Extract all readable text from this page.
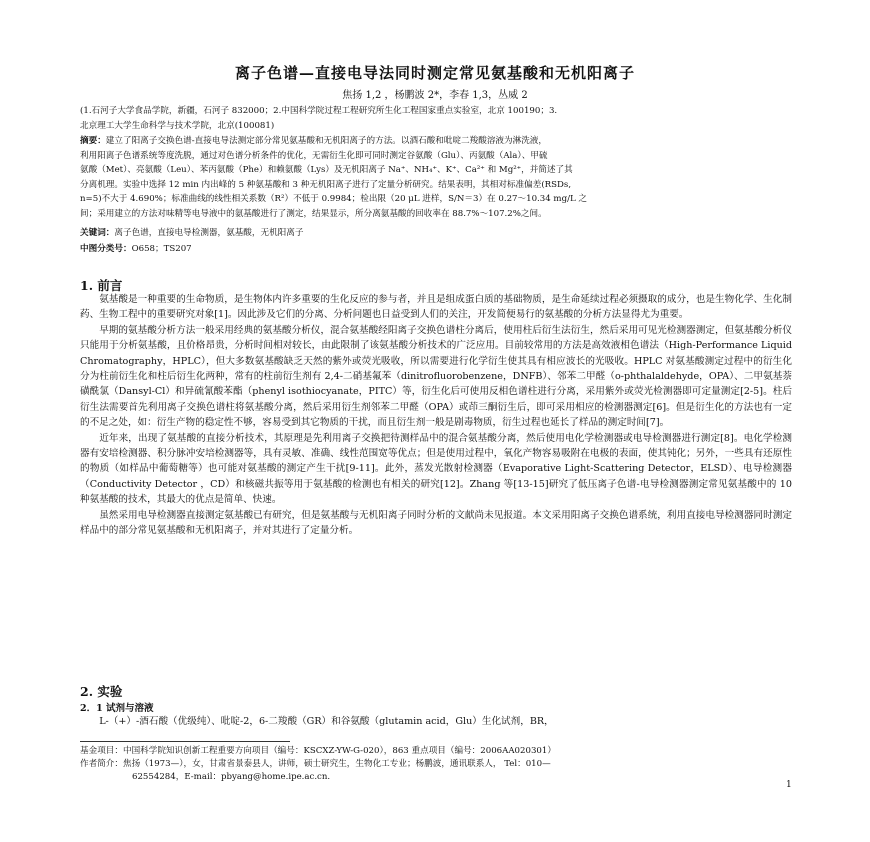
离子色谱—直接电导法同时测定常见氨基酸和无机阳离子
焦扬 1,2 ，杨鹏波 2*，李春 1,3，丛威 2
(1.石河子大学食品学院，新疆，石河子 832000；2.中国科学院过程工程研究所生化工程国家重点实验室，北京 100190；3.
北京理工大学生命科学与技术学院，北京(100081)
摘要：建立了阳离子交换色谱-直接电导法测定部分常见氨基酸和无机阳离子的方法。以酒石酸和吡啶二羧酸溶液为淋洗液，
利用阳离子色谱系统等度洗脱，通过对色谱分析条件的优化，无需衍生化即可同时测定谷氨酸（Glu）、丙氨酸（Ala）、甲硫
氨酸（Met）、亮氨酸（Leu）、苯丙氨酸（Phe）和赖氨酸（Lys）及无机阳离子 Na⁺、NH₄⁺、K⁺、Ca²⁺ 和 Mg²⁺，并简述了其
分离机理。实验中选择 12 min 内出峰的 5 种氨基酸和 3 种无机阳离子进行了定量分析研究。结果表明，其相对标准偏差(RSDs,
n=5)不大于 4.690%；标准曲线的线性相关系数（R²）不低于 0.9984；检出限（20 μL 进样，S/N＝3）在 0.27～10.34 mg/L 之
间；采用建立的方法对味精等电导液中的氨基酸进行了测定，结果显示，所分离氨基酸的回收率在 88.7%～107.2%之间。
关键词：离子色谱，直接电导检测器，氨基酸，无机阳离子
中图分类号：O658；TS207
1. 前言

氨基酸是一种重要的生命物质，是生物体内许多重要的生化反应的参与者，并且是组成蛋白质的基础物质，是生命延续过程必须摄取的成分，也是生物化学、生化制药、生物工程中的重要研究对象[1]。因此涉及它们的分离、分析问题也日益受到人们的关注，开发简便易行的氨基酸的分析方法显得尤为重要。

早期的氨基酸分析方法一般采用经典的氨基酸分析仪，混合氨基酸经阳离子交换色谱柱分离后，使用柱后衍生法衍生，然后采用可见光检测器测定，但氨基酸分析仪只能用于分析氨基酸，且价格昂贵，分析时间相对较长，由此限制了该氨基酸分析技术的广泛应用。目前较常用的方法是高效液相色谱法（High-Performance Liquid Chromatography，HPLC），但大多数氨基酸缺乏天然的紫外或荧光吸收，所以需要进行化学衍生使其具有相应波长的光吸收。HPLC 对氨基酸测定过程中的衍生化分为柱前衍生化和柱后衍生化两种，常有的柱前衍生剂有 2,4-二硝基氟苯（dinitrofluorobenzene，DNFB）、邻苯二甲醛（o-phthalaldehyde，OPA）、二甲氨基萘磺酰氯（Dansyl-Cl）和异硫氰酸苯酯（phenyl isothiocyanate，PITC）等，衍生化后可使用反相色谱柱进行分离，采用紫外或荧光检测器即可定量测定[2-5]。柱后衍生法需要首先利用离子交换色谱柱将氨基酸分离，然后采用衍生剂邻苯二甲醛（OPA）或茚三酮衍生后，即可采用相应的检测器测定[6]。但是衍生化的方法也有一定的不足之处，如：衍生产物的稳定性不够，容易受到其它物质的干扰，而且衍生剂一般是剧毒物质，衍生过程也延长了样品的测定时间[7]。

近年来，出现了氨基酸的直接分析技术，其原理是先利用离子交换把待测样品中的混合氨基酸分离，然后使用电化学检测器或电导检测器进行测定[8]。电化学检测器有安培检测器、积分脉冲安培检测器等，具有灵敏、准确、线性范围宽等优点；但是使用过程中，氧化产物容易吸附在电极的表面，使其钝化；另外，一些具有还原性的物质（如样品中葡萄糖等）也可能对氨基酸的测定产生干扰[9-11]。此外，蒸发光散射检测器（Evaporative Light-Scattering Detector，ELSD）、电导检测器（Conductivity Detector ，CD）和核磁共振等用于氨基酸的检测也有相关的研究[12]。Zhang 等[13-15]研究了低压离子色谱-电导检测器测定常见氨基酸中的 10 种氨基酸的技术，其最大的优点是简单、快速。

虽然采用电导检测器直接测定氨基酸已有研究，但是氨基酸与无机阳离子同时分析的文献尚未见报道。本文采用阳离子交换色谱系统，利用直接电导检测器同时测定样品中的部分常见氨基酸和无机阳离子，并对其进行了定量分析。

2. 实验
2．1 试剂与溶液

L-（+）-酒石酸（优级纯）、吡啶-2，6-二羧酸（GR）和谷氨酸（glutamin acid，Glu）生化试剂，BR，

基金项目：中国科学院知识创新工程重要方向项目（编号：KSCXZ-YW-G-020），863 重点项目（编号：2006AA020301）
作者简介：焦扬（1973—），女，甘肃省景泰县人，讲师，硕士研究生，生物化工专业；杨鹏波，通讯联系人， Tel：010—
62554284，E-mail：pbyang@home.ipe.ac.cn.
1
